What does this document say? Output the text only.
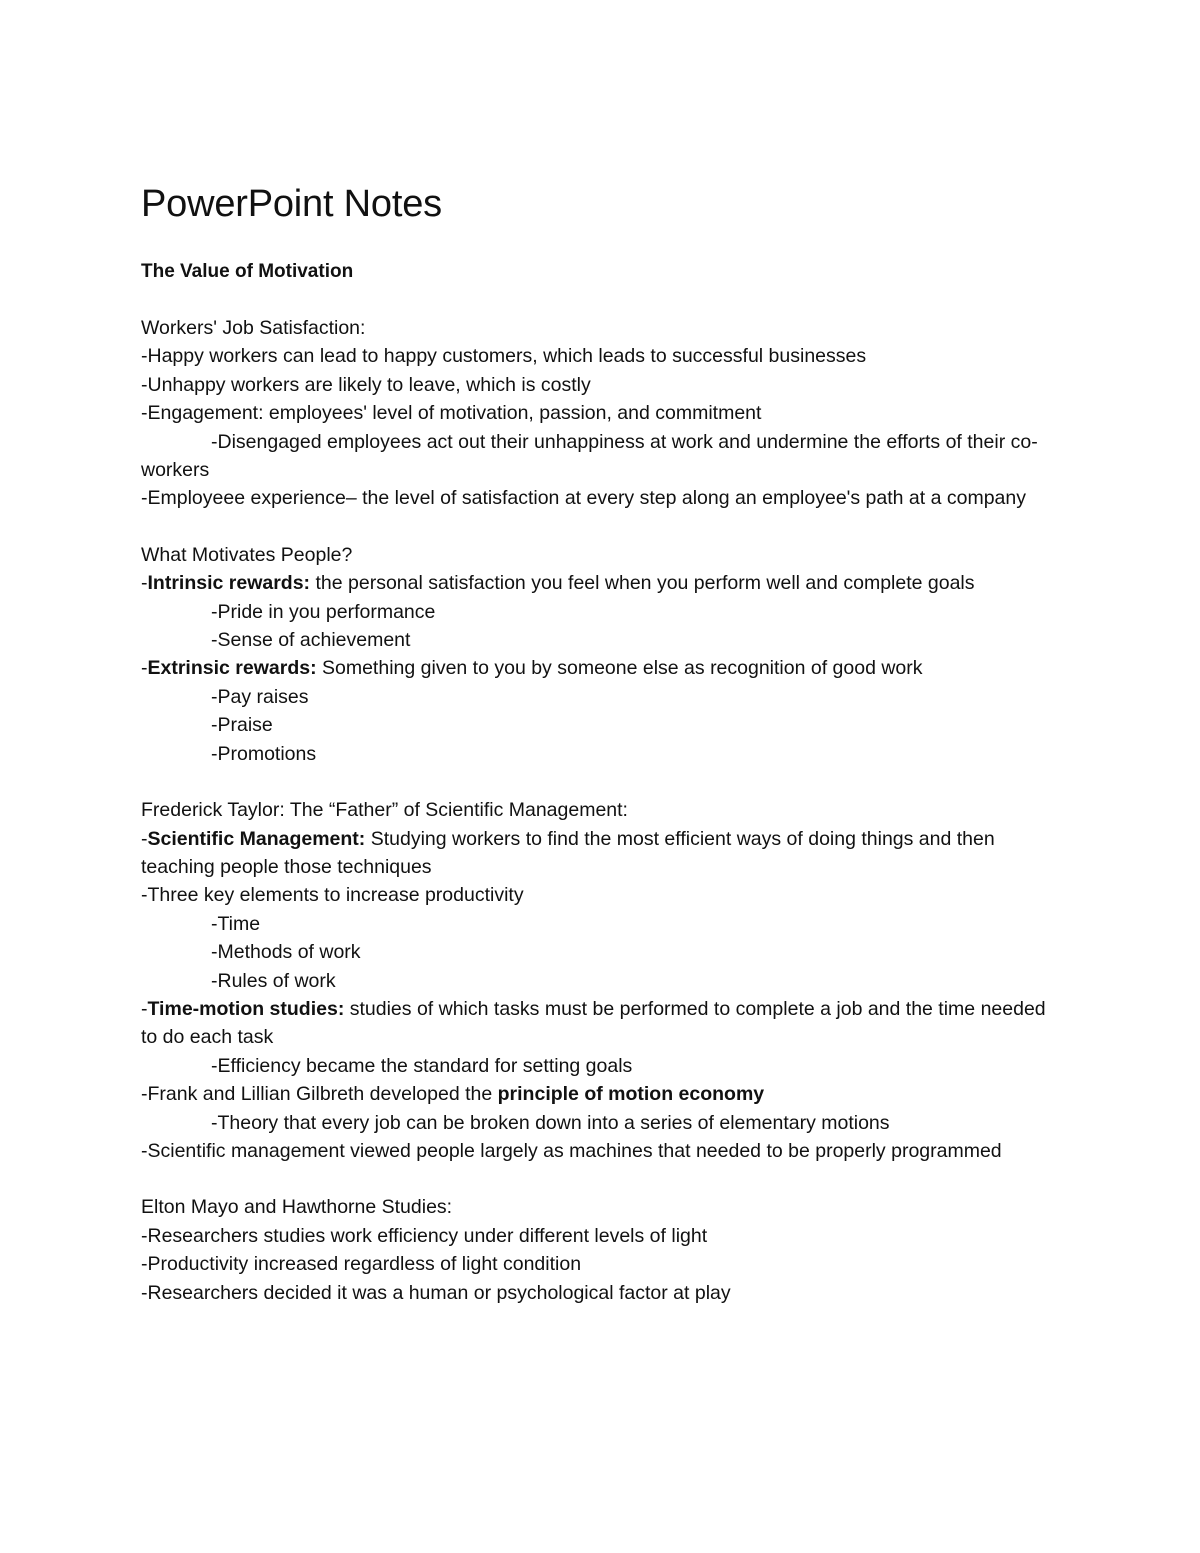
PowerPoint Notes
The Value of Motivation
Workers' Job Satisfaction:
-Happy workers can lead to happy customers, which leads to successful businesses
-Unhappy workers are likely to leave, which is costly
-Engagement: employees' level of motivation, passion, and commitment
-Disengaged employees act out their unhappiness at work and undermine the efforts of their co-workers
-Employeee experience– the level of satisfaction at every step along an employee's path at a company
What Motivates People?
-Intrinsic rewards: the personal satisfaction you feel when you perform well and complete goals
-Pride in you performance
-Sense of achievement
-Extrinsic rewards: Something given to you by someone else as recognition of good work
-Pay raises
-Praise
-Promotions
Frederick Taylor: The “Father” of Scientific Management:
-Scientific Management: Studying workers to find the most efficient ways of doing things and then teaching people those techniques
-Three key elements to increase productivity
-Time
-Methods of work
-Rules of work
-Time-motion studies: studies of which tasks must be performed to complete a job and the time needed to do each task
-Efficiency became the standard for setting goals
-Frank and Lillian Gilbreth developed the principle of motion economy
-Theory that every job can be broken down into a series of elementary motions
-Scientific management viewed people largely as machines that needed to be properly programmed
Elton Mayo and Hawthorne Studies:
-Researchers studies work efficiency under different levels of light
-Productivity increased regardless of light condition
-Researchers decided it was a human or psychological factor at play
